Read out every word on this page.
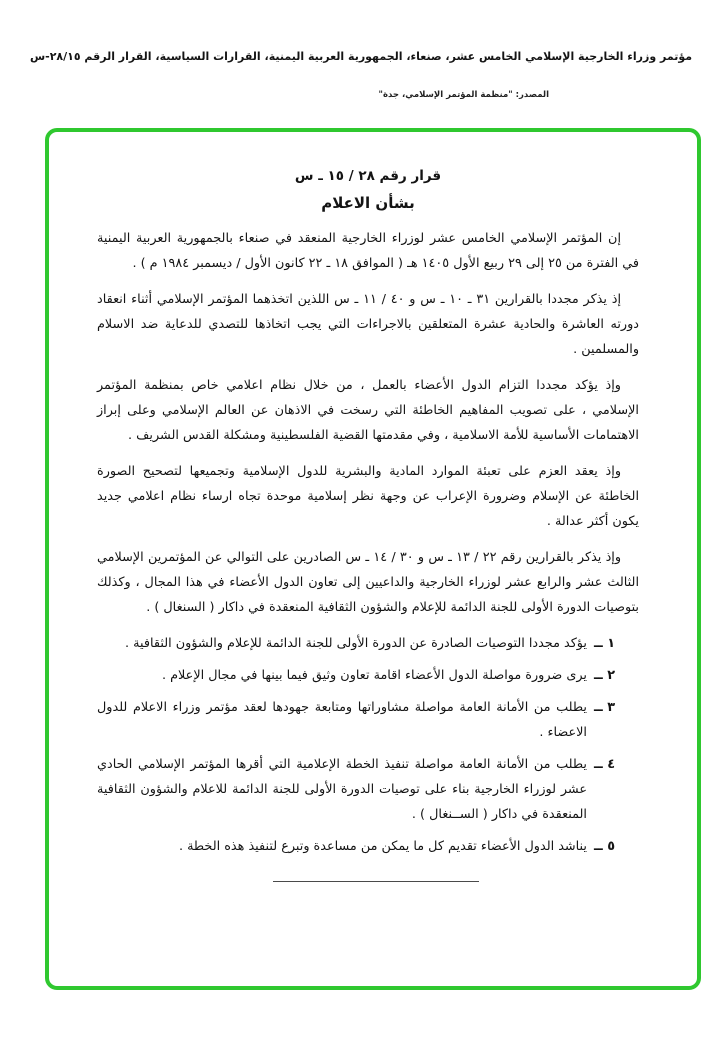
مؤتمر وزراء الخارجية الإسلامي الخامس عشر، صنعاء، الجمهورية العربية اليمنية، القرارات السياسية، القرار الرقم ٢٨/١٥-س
المصدر: "منظمة المؤتمر الإسلامي، جدة"
قرار رقم ٢٨ / ١٥ ـ س
بشأن الاعلام

إن المؤتمر الإسلامي الخامس عشر لوزراء الخارجية المنعقد في صنعاء بالجمهورية العربية اليمنية في الفترة من ٢٥ إلى ٢٩ ربيع الأول ١٤٠٥ هـ ( الموافق ١٨ ـ ٢٢ كانون الأول / ديسمبر ١٩٨٤ م ) .

إذ يذكر مجددا بالقرارين ٣١ ـ ١٠ ـ س و ٤٠ / ١١ ـ س اللذين اتخذهما المؤتمر الإسلامي أثناء انعقاد دورته العاشرة والحادية عشرة المتعلقين بالاجراءات التي يجب اتخاذها للتصدي للدعاية ضد الاسلام والمسلمين .

وإذ يؤكد مجددا التزام الدول الأعضاء بالعمل ، من خلال نظام اعلامي خاص بمنظمة المؤتمر الإسلامي ، على تصويب المفاهيم الخاطئة التي رسخت في الاذهان عن العالم الإسلامي وعلى إبراز الاهتمامات الأساسية للأمة الاسلامية ، وفي مقدمتها القضية الفلسطينية ومشكلة القدس الشريف .

وإذ يعقد العزم على تعبئة الموارد المادية والبشرية للدول الإسلامية وتجميعها لتصحيح الصورة الخاطئة عن الإسلام وضرورة الإعراب عن وجهة نظر إسلامية موحدة تجاه ارساء نظام اعلامي جديد يكون أكثر عدالة .

وإذ يذكر بالقرارين رقم ٢٢ / ١٣ ـ س و ٣٠ / ١٤ ـ س الصادرين على التوالي عن المؤتمرين الإسلامي الثالث عشر والرابع عشر لوزراء الخارجية والداعيين إلى تعاون الدول الأعضاء في هذا المجال ، وكذلك بتوصيات الدورة الأولى للجنة الدائمة للإعلام والشؤون الثقافية المنعقدة في داكار ( السنغال ) .

١ ــ
يؤكد مجددا التوصيات الصادرة عن الدورة الأولى للجنة الدائمة للإعلام والشؤون الثقافية .
٢ ــ
يرى ضرورة مواصلة الدول الأعضاء اقامة تعاون وثيق فيما بينها في مجال الإعلام .
٣ ــ
يطلب من الأمانة العامة مواصلة مشاوراتها ومتابعة جهودها لعقد مؤتمر وزراء الاعلام للدول الاعضاء .
٤ ــ
يطلب من الأمانة العامة مواصلة تنفيذ الخطة الإعلامية التي أقرها المؤتمر الإسلامي الحادي عشر لوزراء الخارجية بناء على توصيات الدورة الأولى للجنة الدائمة للاعلام والشؤون الثقافية المنعقدة في داكار ( الســنغال ) .
٥ ــ
يناشد الدول الأعضاء تقديم كل ما يمكن من مساعدة وتبرع لتنفيذ هذه الخطة .
